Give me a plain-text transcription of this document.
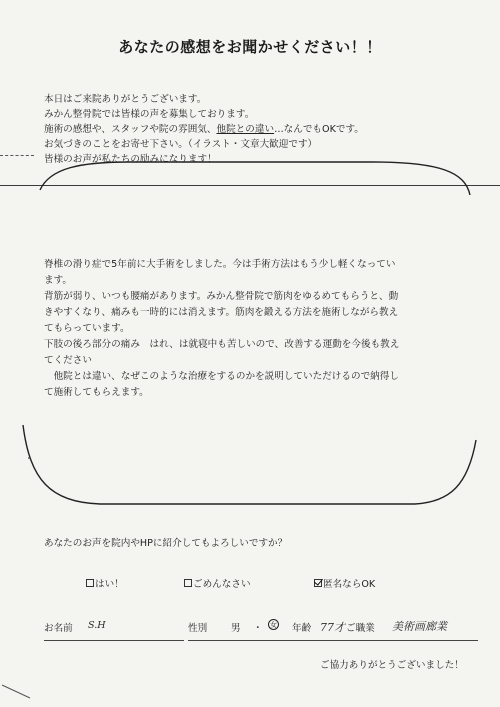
あなたの感想をお聞かせください！！
本日はご来院ありがとうございます。
みかん整骨院では皆様の声を募集しております。
施術の感想や、スタッフや院の雰囲気、他院との違い…なんでもOKです。
お気づきのことをお寄せ下さい。（イラスト・文章大歓迎です）
皆様のお声が私たちの励みになります！
脊椎の滑り症で5年前に大手術をしました。今は手術方法はもう少し軽くなってい
ます。
背筋が弱り、いつも腰痛があります。みかん整骨院で筋肉をゆるめてもらうと、動
きやすくなり、痛みも一時的には消えます。筋肉を鍛える方法を施術しながら教え
てもらっています。
下肢の後ろ部分の痛み　はれ、は就寝中も苦しいので、改善する運動を今後も教え
てください
　他院とは違い、なぜこのような治療をするのかを説明していただけるので納得し
て施術してもらえます。
あなたのお声を院内やHPに紹介してもよろしいですか？
はい！	ごめんなさい	匿名ならOK
お名前 S.H	性別 男 ・ 女 年齢 77才 ご職業 美術画廊業
ご協力ありがとうございました！
